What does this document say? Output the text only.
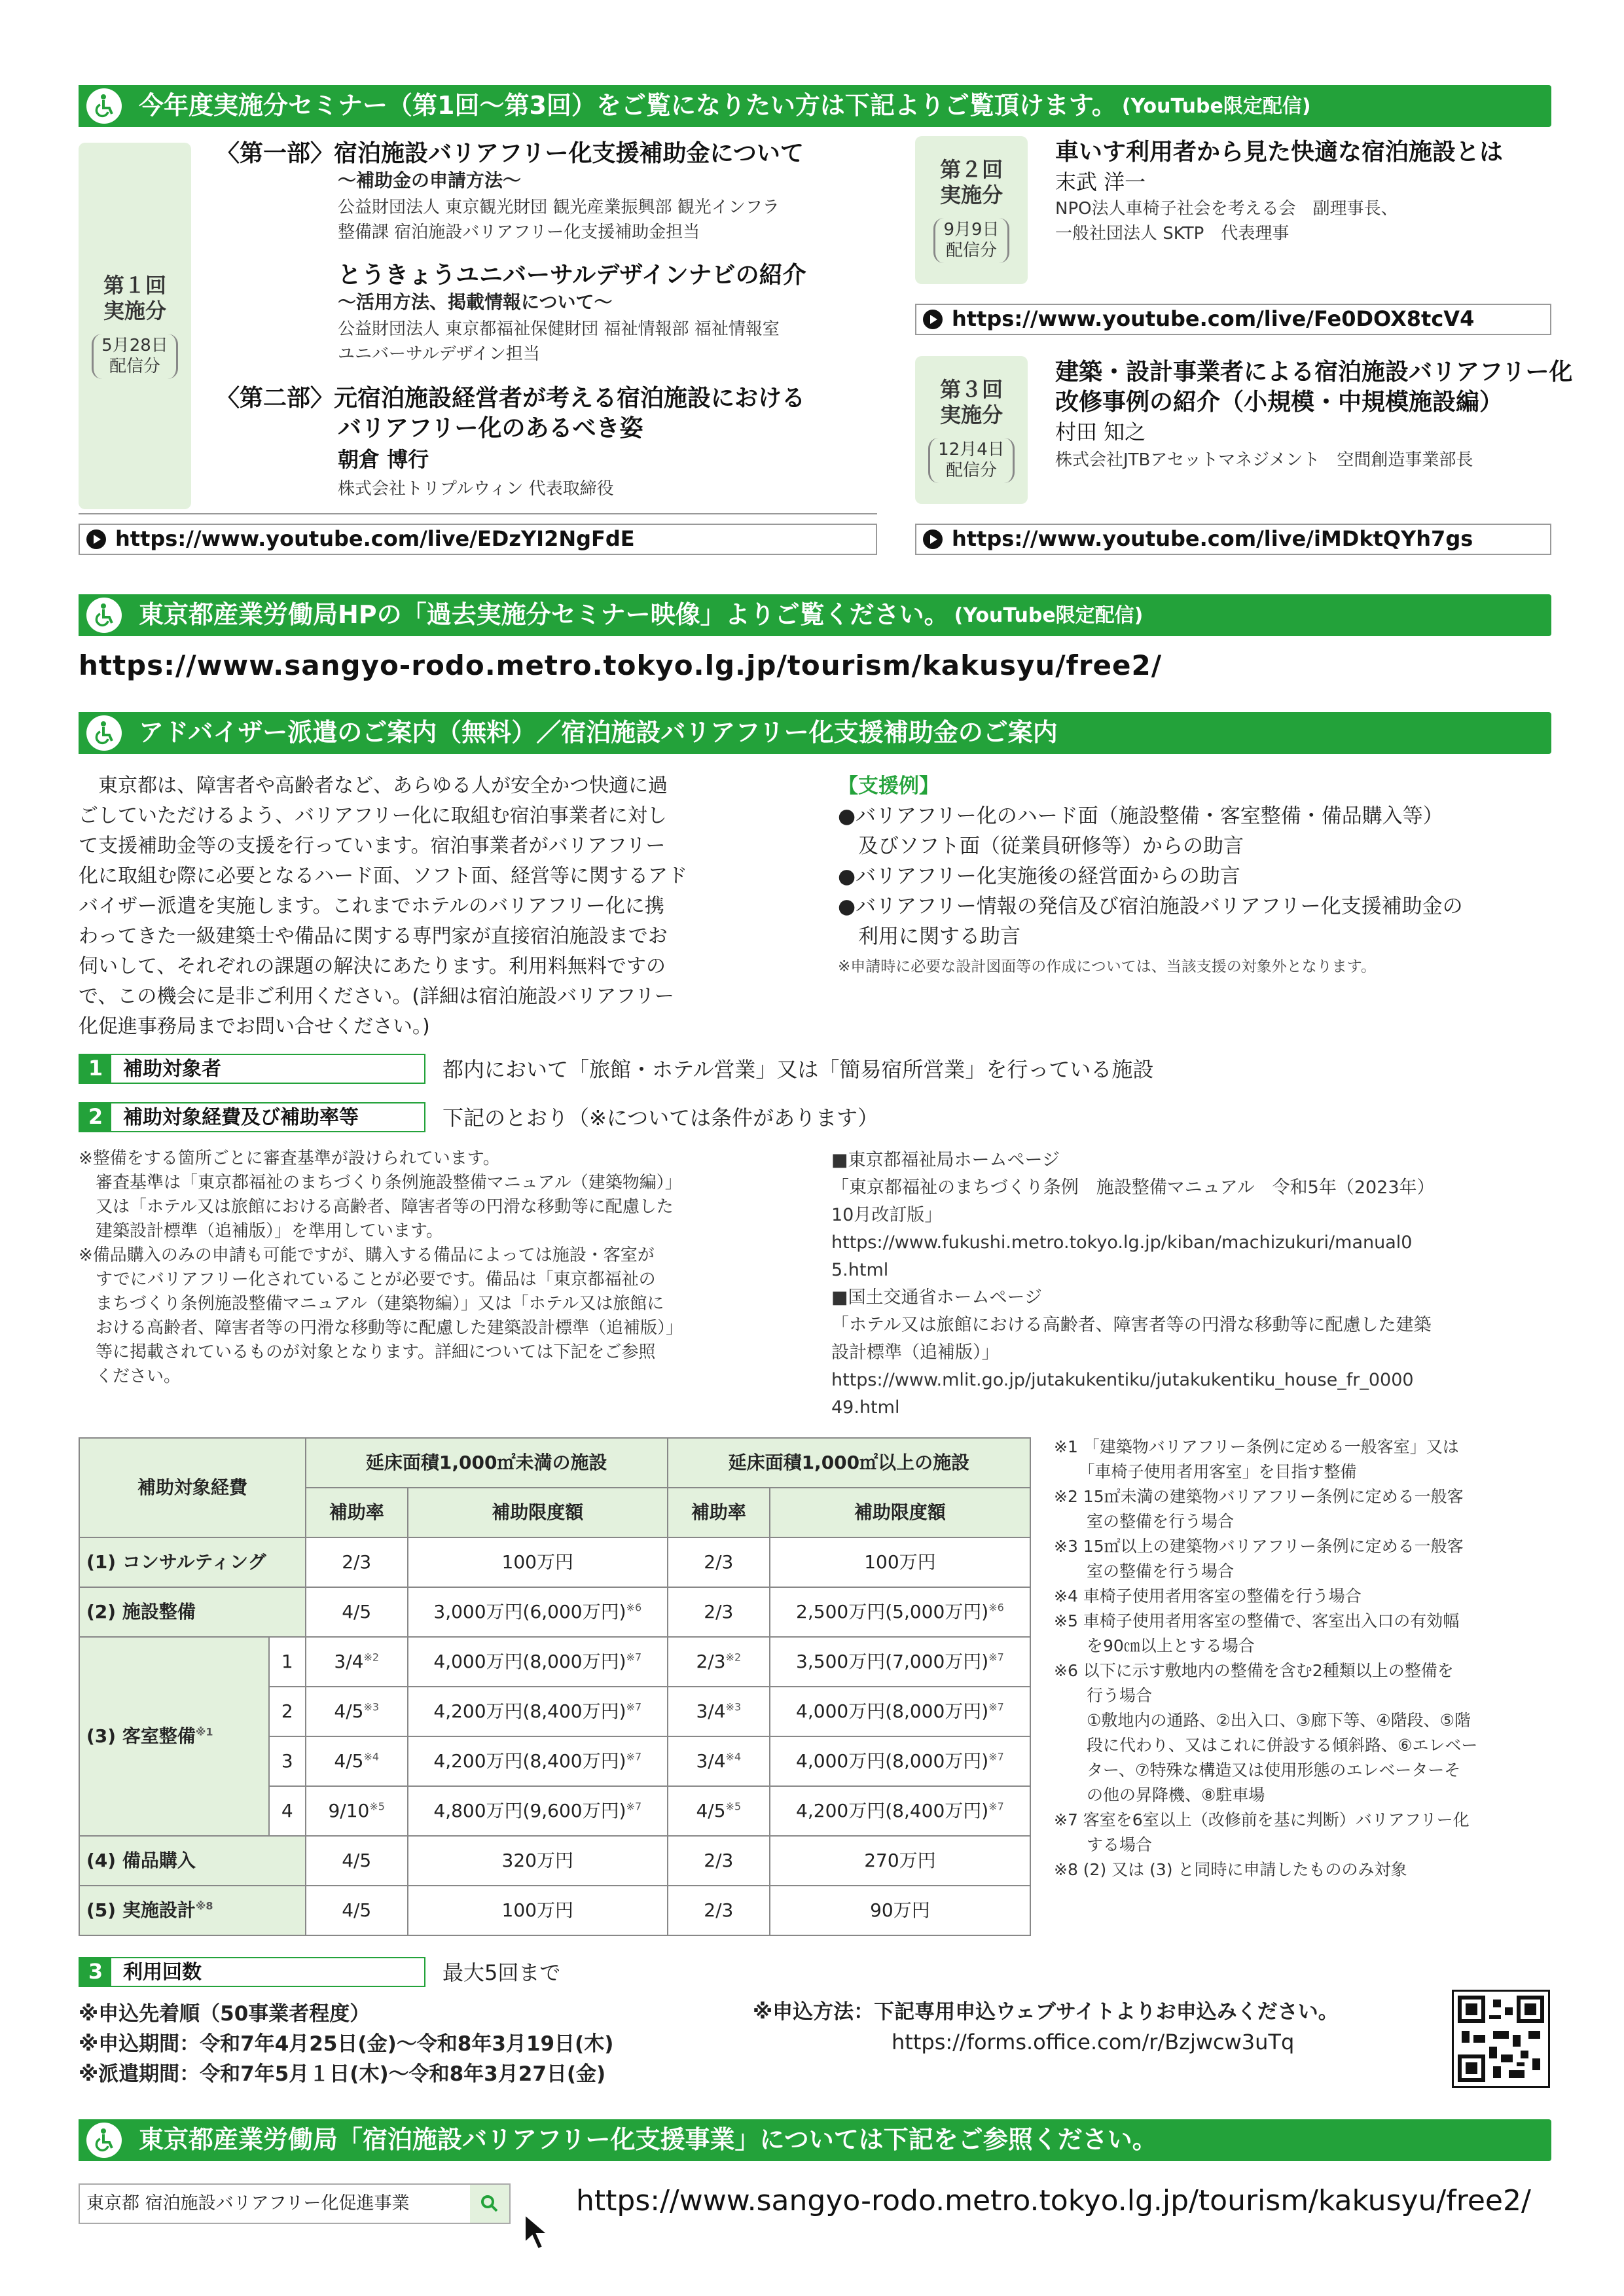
今年度実施分セミナー（第1回〜第3回）をご覧になりたい方は下記よりご覧頂けます。 (YouTube限定配信)
第１回
実施分
5月28日
配信分
〈第一部〉宿泊施設バリアフリー化支援補助金について
〜補助金の申請方法〜
公益財団法人 東京観光財団 観光産業振興部 観光インフラ
整備課 宿泊施設バリアフリー化支援補助金担当
とうきょうユニバーサルデザインナビの紹介
〜活用方法、掲載情報について〜
公益財団法人 東京都福祉保健財団 福祉情報部 福祉情報室
ユニバーサルデザイン担当
〈第二部〉元宿泊施設経営者が考える宿泊施設における
バリアフリー化のあるべき姿
朝倉 博行
株式会社トリプルウィン 代表取締役
https://www.youtube.com/live/EDzYI2NgFdE
第２回
実施分
9月9日
配信分
車いす利用者から見た快適な宿泊施設とは
末武 洋一
NPO法人車椅子社会を考える会　副理事長、
一般社団法人 SKTP　代表理事
https://www.youtube.com/live/Fe0DOX8tcV4
第３回
実施分
12月4日
配信分
建築・設計事業者による宿泊施設バリアフリー化
改修事例の紹介（小規模・中規模施設編）
村田 知之
株式会社JTBアセットマネジメント　空間創造事業部長
https://www.youtube.com/live/iMDktQYh7gs
東京都産業労働局HPの「過去実施分セミナー映像」よりご覧ください。 (YouTube限定配信)
https://www.sangyo-rodo.metro.tokyo.lg.jp/tourism/kakusyu/free2/
アドバイザー派遣のご案内（無料）／宿泊施設バリアフリー化支援補助金のご案内
　東京都は、障害者や高齢者など、あらゆる人が安全かつ快適に過
ごしていただけるよう、バリアフリー化に取組む宿泊事業者に対し
て支援補助金等の支援を行っています。宿泊事業者がバリアフリー
化に取組む際に必要となるハード面、ソフト面、経営等に関するアド
バイザー派遣を実施します。これまでホテルのバリアフリー化に携
わってきた一級建築士や備品に関する専門家が直接宿泊施設までお
伺いして、それぞれの課題の解決にあたります。利用料無料ですの
で、この機会に是非ご利用ください。(詳細は宿泊施設バリアフリー
化促進事務局までお問い合せください。)
【支援例】
●バリアフリー化のハード面（施設整備・客室整備・備品購入等）
　及びソフト面（従業員研修等）からの助言
●バリアフリー化実施後の経営面からの助言
●バリアフリー情報の発信及び宿泊施設バリアフリー化支援補助金の
　利用に関する助言
※申請時に必要な設計図面等の作成については、当該支援の対象外となります。
1	補助対象者	都内において「旅館・ホテル営業」又は「簡易宿所営業」を行っている施設
2	補助対象経費及び補助率等	下記のとおり（※については条件があります）
※整備をする箇所ごとに審査基準が設けられています。
　審査基準は「東京都福祉のまちづくり条例施設整備マニュアル（建築物編）」
　又は「ホテル又は旅館における高齢者、障害者等の円滑な移動等に配慮した
　建築設計標準（追補版）」を準用しています。
※備品購入のみの申請も可能ですが、購入する備品によっては施設・客室が
　すでにバリアフリー化されていることが必要です。備品は「東京都福祉の
　まちづくり条例施設整備マニュアル（建築物編）」又は「ホテル又は旅館に
　おける高齢者、障害者等の円滑な移動等に配慮した建築設計標準（追補版）」
　等に掲載されているものが対象となります。詳細については下記をご参照
　ください。
■東京都福祉局ホームページ
「東京都福祉のまちづくり条例　施設整備マニュアル　令和5年（2023年）
10月改訂版」
https://www.fukushi.metro.tokyo.lg.jp/kiban/machizukuri/manual0
5.html
■国土交通省ホームページ
「ホテル又は旅館における高齢者、障害者等の円滑な移動等に配慮した建築
設計標準（追補版）」
https://www.mlit.go.jp/jutakukentiku/jutakukentiku_house_fr_0000
49.html
補助対象経費		延床面積1,000㎡未満の施設		延床面積1,000㎡以上の施設	
		補助率	補助限度額	補助率	補助限度額
(1) コンサルティング		2/3	100万円	2/3	100万円
(2) 施設整備		4/5	3,000万円(6,000万円)$^{※6}$	2/3	2,500万円(5,000万円)$^{※6}$
(3) 客室整備$^{※1}$	1	3/4$^{※2}$	4,000万円(8,000万円)$^{※7}$	2/3$^{※2}$	3,500万円(7,000万円)$^{※7}$
	2	4/5$^{※3}$	4,200万円(8,400万円)$^{※7}$	3/4$^{※3}$	4,000万円(8,000万円)$^{※7}$
	3	4/5$^{※4}$	4,200万円(8,400万円)$^{※7}$	3/4$^{※4}$	4,000万円(8,000万円)$^{※7}$
	4	9/10$^{※5}$	4,800万円(9,600万円)$^{※7}$	4/5$^{※5}$	4,200万円(8,400万円)$^{※7}$
(4) 備品購入		4/5	320万円	2/3	270万円
(5) 実施設計$^{※8}$		4/5	100万円	2/3	90万円
※1 「建築物バリアフリー条例に定める一般客室」又は
　　「車椅子使用者用客室」を目指す整備
※2 15㎡未満の建築物バリアフリー条例に定める一般客
　　室の整備を行う場合
※3 15㎡以上の建築物バリアフリー条例に定める一般客
　　室の整備を行う場合
※4 車椅子使用者用客室の整備を行う場合
※5 車椅子使用者用客室の整備で、客室出入口の有効幅
　　を90㎝以上とする場合
※6 以下に示す敷地内の整備を含む2種類以上の整備を
　　行う場合
　　①敷地内の通路、②出入口、③廊下等、④階段、⑤階
　　段に代わり、又はこれに併設する傾斜路、⑥エレベー
　　ター、⑦特殊な構造又は使用形態のエレベーターそ
　　の他の昇降機、⑧駐車場
※7 客室を6室以上（改修前を基に判断）バリアフリー化
　　する場合
※8 (2) 又は (3) と同時に申請したもののみ対象
3	利用回数	最大5回まで
※申込先着順（50事業者程度）
※申込期間：令和7年4月25日(金)〜令和8年3月19日(木)
※派遣期間：令和7年5月１日(木)〜令和8年3月27日(金)
※申込方法：下記専用申込ウェブサイトよりお申込みください。
https://forms.office.com/r/Bzjwcw3uTq
東京都産業労働局「宿泊施設バリアフリー化支援事業」については下記をご参照ください。
東京都 宿泊施設バリアフリー化促進事業	https://www.sangyo-rodo.metro.tokyo.lg.jp/tourism/kakusyu/free2/
